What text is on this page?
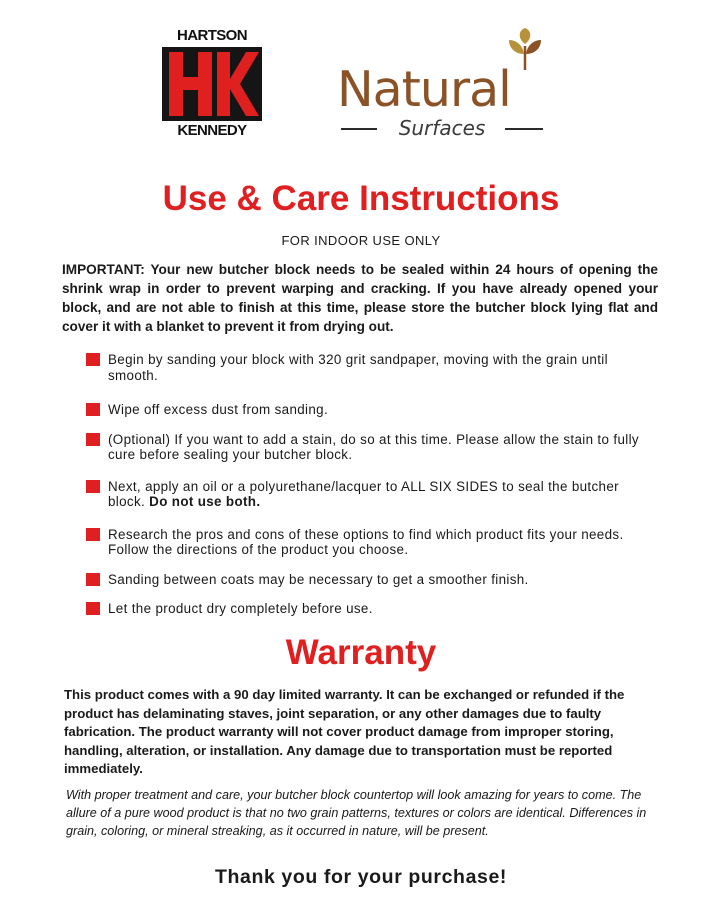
HARTSON
KENNEDY
Natural
Surfaces
Use & Care Instructions
FOR INDOOR USE ONLY

IMPORTANT: Your new butcher block needs to be sealed within 24 hours of opening the shrink wrap in order to prevent warping and cracking. If you have already opened your block, and are not able to finish at this time, please store the butcher block lying flat and cover it with a blanket to prevent it from drying out.

Begin by sanding your block with 320 grit sandpaper, moving with the grain until smooth.
Wipe off excess dust from sanding.
(Optional) If you want to add a stain, do so at this time. Please allow the stain to fully cure before sealing your butcher block.
Next, apply an oil or a polyurethane/lacquer to ALL SIX SIDES to seal the butcher block. Do not use both.
Research the pros and cons of these options to find which product fits your needs. Follow the directions of the product you choose.
Sanding between coats may be necessary to get a smoother finish.
Let the product dry completely before use.
Warranty

This product comes with a 90 day limited warranty. It can be exchanged or refunded if the product has delaminating staves, joint separation, or any other damages due to faulty fabrication. The product warranty will not cover product damage from improper storing, handling, alteration, or installation. Any damage due to transportation must be reported immediately.

With proper treatment and care, your butcher block countertop will look amazing for years to come. The allure of a pure wood product is that no two grain patterns, textures or colors are identical. Differences in grain, coloring, or mineral streaking, as it occurred in nature, will be present.

Thank you for your purchase!
